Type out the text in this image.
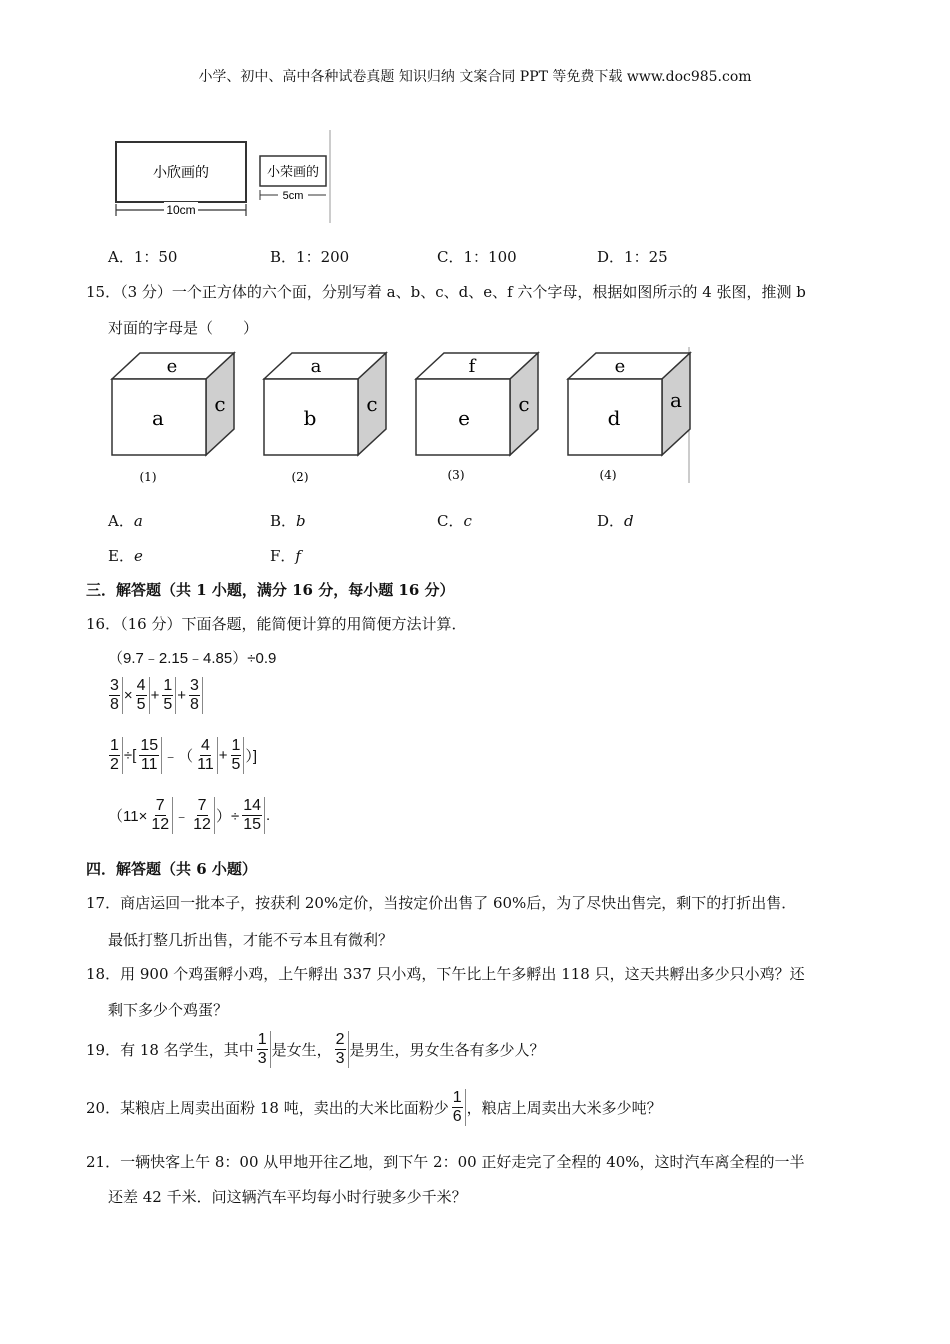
小学、初中、高中各种试卷真题 知识归纳 文案合同 PPT 等免费下载 www.doc985.com
小欣画的
10cm
小荣画的
5cm
A．1：50	B．1：200	C．1：100	D．1：25
15．（3 分）一个正方体的六个面，分别写着 a、b、c、d、e、f 六个字母，根据如图所示的 4 张图，推测 b
对面的字母是（　　）
e
a
c
(1)
a
b
c
(2)
f
e
c
(3)
e
d
a
(4)
A．a	B．b	C．c	D．d
E．e	F．f
三．解答题（共 1 小题，满分 16 分，每小题 16 分）
16．（16 分）下面各题，能简便计算的用简便方法计算．
（9.7﹣2.15﹣4.85）÷0.9
$\frac{3}{8} \times \frac{4}{5} + \frac{1}{5} + \frac{3}{8}$
$\frac{1}{2}$ ÷[ $\frac{15}{11}$ ﹣（ $\frac{4}{11} + \frac{1}{5}$ ）]
（$11\times \frac{7}{12}$ ﹣ $\frac{7}{12}$ ）÷ $\frac{14}{15}$ .
四．解答题（共 6 小题）
17．商店运回一批本子，按获利 20%定价，当按定价出售了 60%后，为了尽快出售完，剩下的打折出售．
最低打整几折出售，才能不亏本且有微利？
18．用 900 个鸡蛋孵小鸡，上午孵出 337 只小鸡，下午比上午多孵出 118 只，这天共孵出多少只小鸡？还
剩下多少个鸡蛋？
19．有 18 名学生，其中 $\frac{1}{3}$ 是女生， $\frac{2}{3}$ 是男生，男女生各有多少人？
20．某粮店上周卖出面粉 18 吨，卖出的大米比面粉少 $\frac{1}{6}$ ，粮店上周卖出大米多少吨？
21．一辆快客上午 8：00 从甲地开往乙地，到下午 2：00 正好走完了全程的 40%，这时汽车离全程的一半
还差 42 千米．问这辆汽车平均每小时行驶多少千米？
